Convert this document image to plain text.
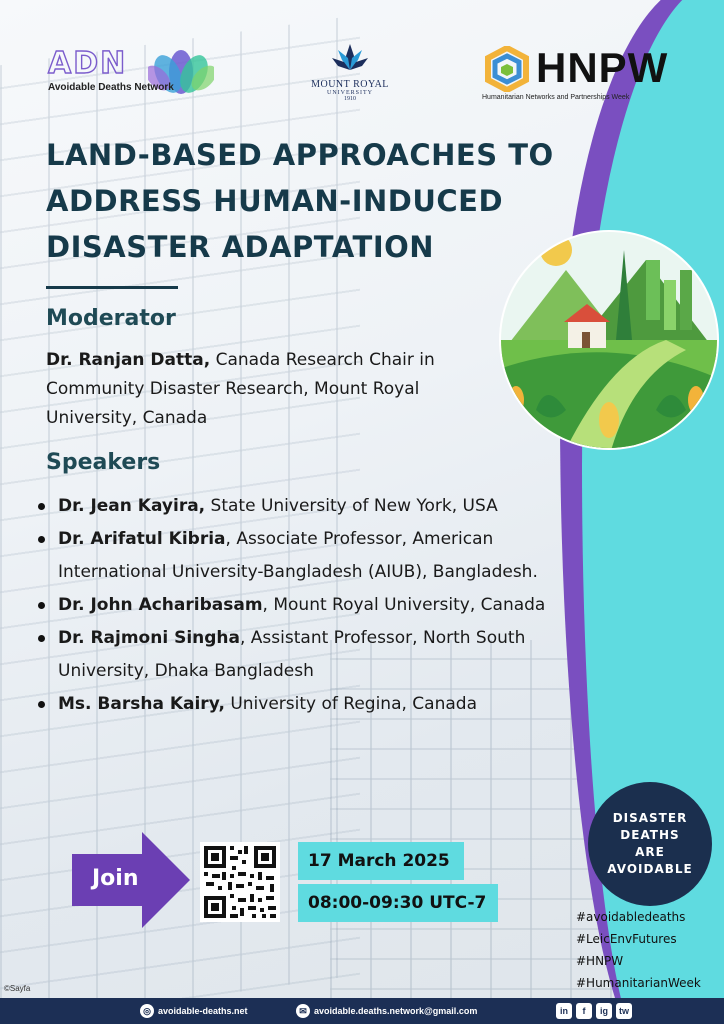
ADN
Avoidable Deaths Network	MOUNT ROYAL
UNIVERSITY
1910
HNPW
Humanitarian Networks and Partnerships Week
LAND-BASED APPROACHES TO
ADDRESS HUMAN-INDUCED
DISASTER ADAPTATION
Moderator
Dr. Ranjan Datta, Canada Research Chair in Community Disaster Research, Mount Royal University, Canada
Speakers
Dr. Jean Kayira, State University of New York, USA
Dr. Arifatul Kibria, Associate Professor, American International University-Bangladesh (AIUB), Bangladesh.
Dr. John Acharibasam, Mount Royal University, Canada
Dr. Rajmoni Singha, Assistant Professor, North South University, Dhaka Bangladesh
Ms. Barsha Kairy, University of Regina, Canada
DISASTER
DEATHS
ARE
AVOIDABLE
#avoidabledeaths
#LeicEnvFutures
#HNPW
#HumanitarianWeek
Join
17 March 2025
08:00-09:30 UTC-7
©Sayfa
◎ avoidable-deaths.net	✉ avoidable.deaths.network@gmail.com	in	f	ig	tw
